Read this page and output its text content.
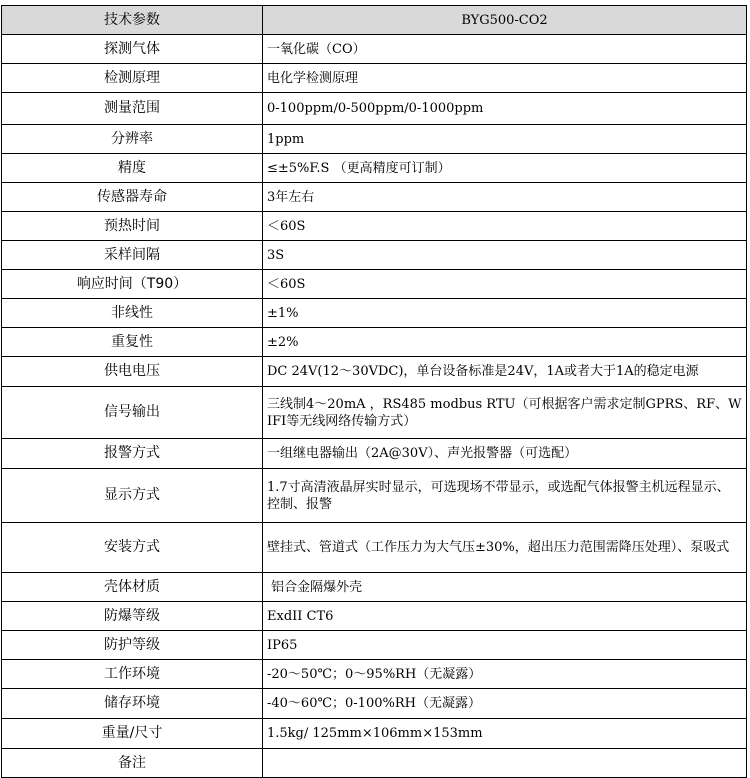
技术参数	BYG500-CO2
探测气体	一氧化碳（CO）
检测原理	电化学检测原理
测量范围	0-100ppm/0-500ppm/0-1000ppm
分辨率	1ppm
精度	≤±5%F.S （更高精度可订制）
传感器寿命	3年左右
预热时间	＜60S
采样间隔	3S
响应时间（T90）	＜60S
非线性	±1%
重复性	±2%
供电电压	DC 24V(12～30VDC)，单台设备标准是24V，1A或者大于1A的稳定电源
信号输出	三线制4～20mA ，RS485 modbus RTU（可根据客户需求定制GPRS、RF、WIFI等无线网络传输方式）
报警方式	一组继电器输出（2A@30V）、声光报警器（可选配）
显示方式	1.7寸高清液晶屏实时显示，可选现场不带显示，或选配气体报警主机远程显示、控制、报警
安装方式	壁挂式、管道式（工作压力为大气压±30%，超出压力范围需降压处理）、泵吸式
壳体材质	铝合金隔爆外壳
防爆等级	ExdII CT6
防护等级	IP65
工作环境	-20～50℃；0～95%RH（无凝露）
储存环境	-40～60℃；0-100%RH（无凝露）
重量/尺寸	1.5kg/ 125mm×106mm×153mm
备注	
